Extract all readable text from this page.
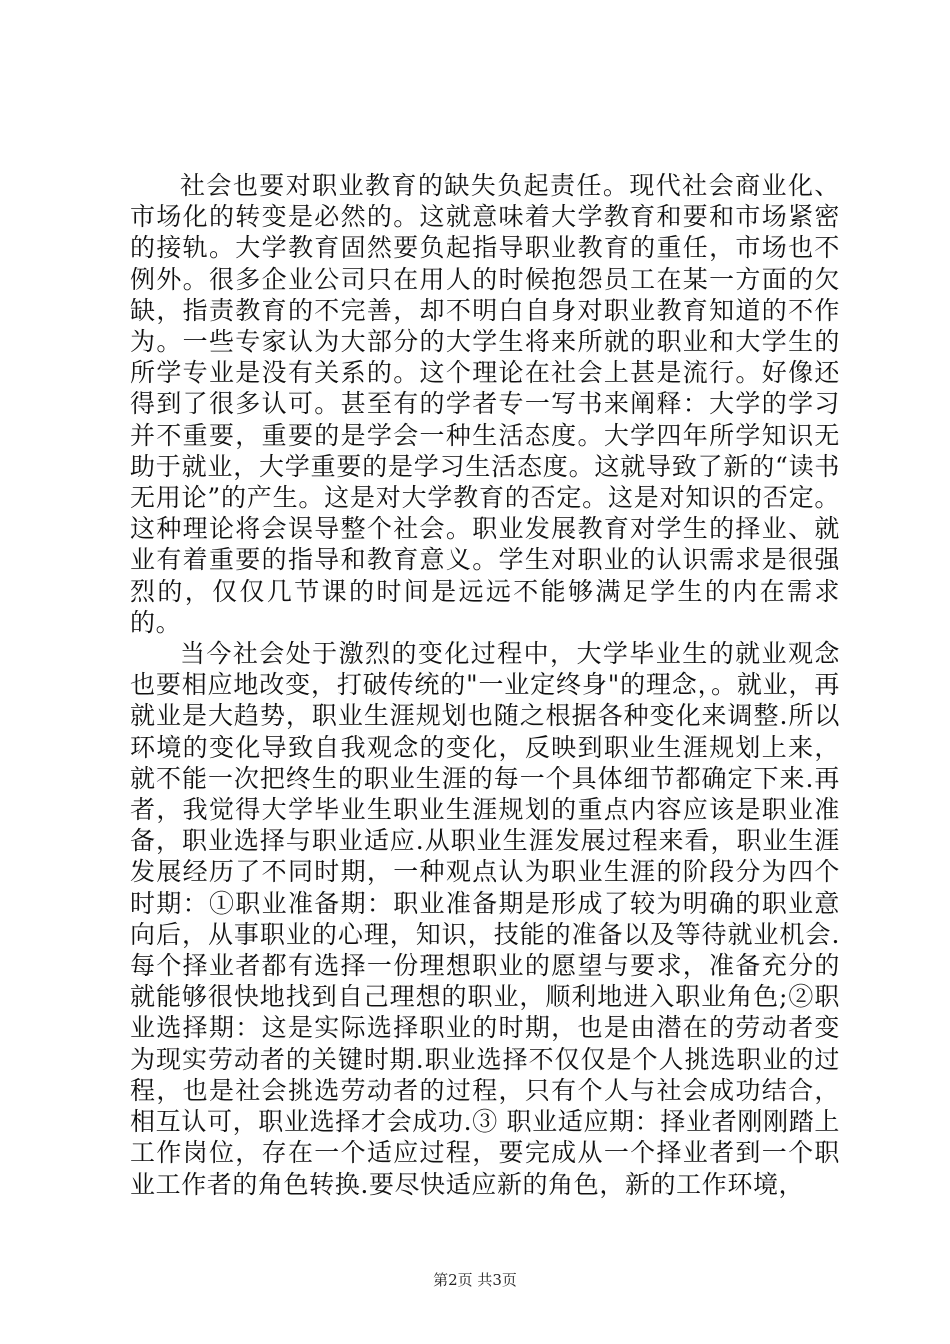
社会也要对职业教育的缺失负起责任。现代社会商业化、市场化的转变是必然的。这就意味着大学教育和要和市场紧密的接轨。大学教育固然要负起指导职业教育的重任，市场也不例外。很多企业公司只在用人的时候抱怨员工在某一方面的欠缺，指责教育的不完善，却不明白自身对职业教育知道的不作为。一些专家认为大部分的大学生将来所就的职业和大学生的所学专业是没有关系的。这个理论在社会上甚是流行。好像还得到了很多认可。甚至有的学者专一写书来阐释：大学的学习并不重要，重要的是学会一种生活态度。大学四年所学知识无助于就业，大学重要的是学习生活态度。这就导致了新的“读书无用论”的产生。这是对大学教育的否定。这是对知识的否定。这种理论将会误导整个社会。职业发展教育对学生的择业、就业有着重要的指导和教育意义。学生对职业的认识需求是很强烈的，仅仅几节课的时间是远远不能够满足学生的内在需求的。

当今社会处于激烈的变化过程中，大学毕业生的就业观念也要相应地改变，打破传统的"一业定终身"的理念，。就业，再就业是大趋势，职业生涯规划也随之根据各种变化来调整.所以环境的变化导致自我观念的变化，反映到职业生涯规划上来，就不能一次把终生的职业生涯的每一个具体细节都确定下来.再者，我觉得大学毕业生职业生涯规划的重点内容应该是职业准备，职业选择与职业适应.从职业生涯发展过程来看，职业生涯发展经历了不同时期，一种观点认为职业生涯的阶段分为四个时期：①职业准备期：职业准备期是形成了较为明确的职业意向后，从事职业的心理，知识，技能的准备以及等待就业机会.每个择业者都有选择一份理想职业的愿望与要求，准备充分的就能够很快地找到自己理想的职业，顺利地进入职业角色;②职业选择期：这是实际选择职业的时期，也是由潜在的劳动者变为现实劳动者的关键时期.职业选择不仅仅是个人挑选职业的过程，也是社会挑选劳动者的过程，只有个人与社会成功结合，相互认可，职业选择才会成功.③ 职业适应期：择业者刚刚踏上工作岗位，存在一个适应过程，要完成从一个择业者到一个职业工作者的角色转换.要尽快适应新的角色，新的工作环境，

第2页 共3页
